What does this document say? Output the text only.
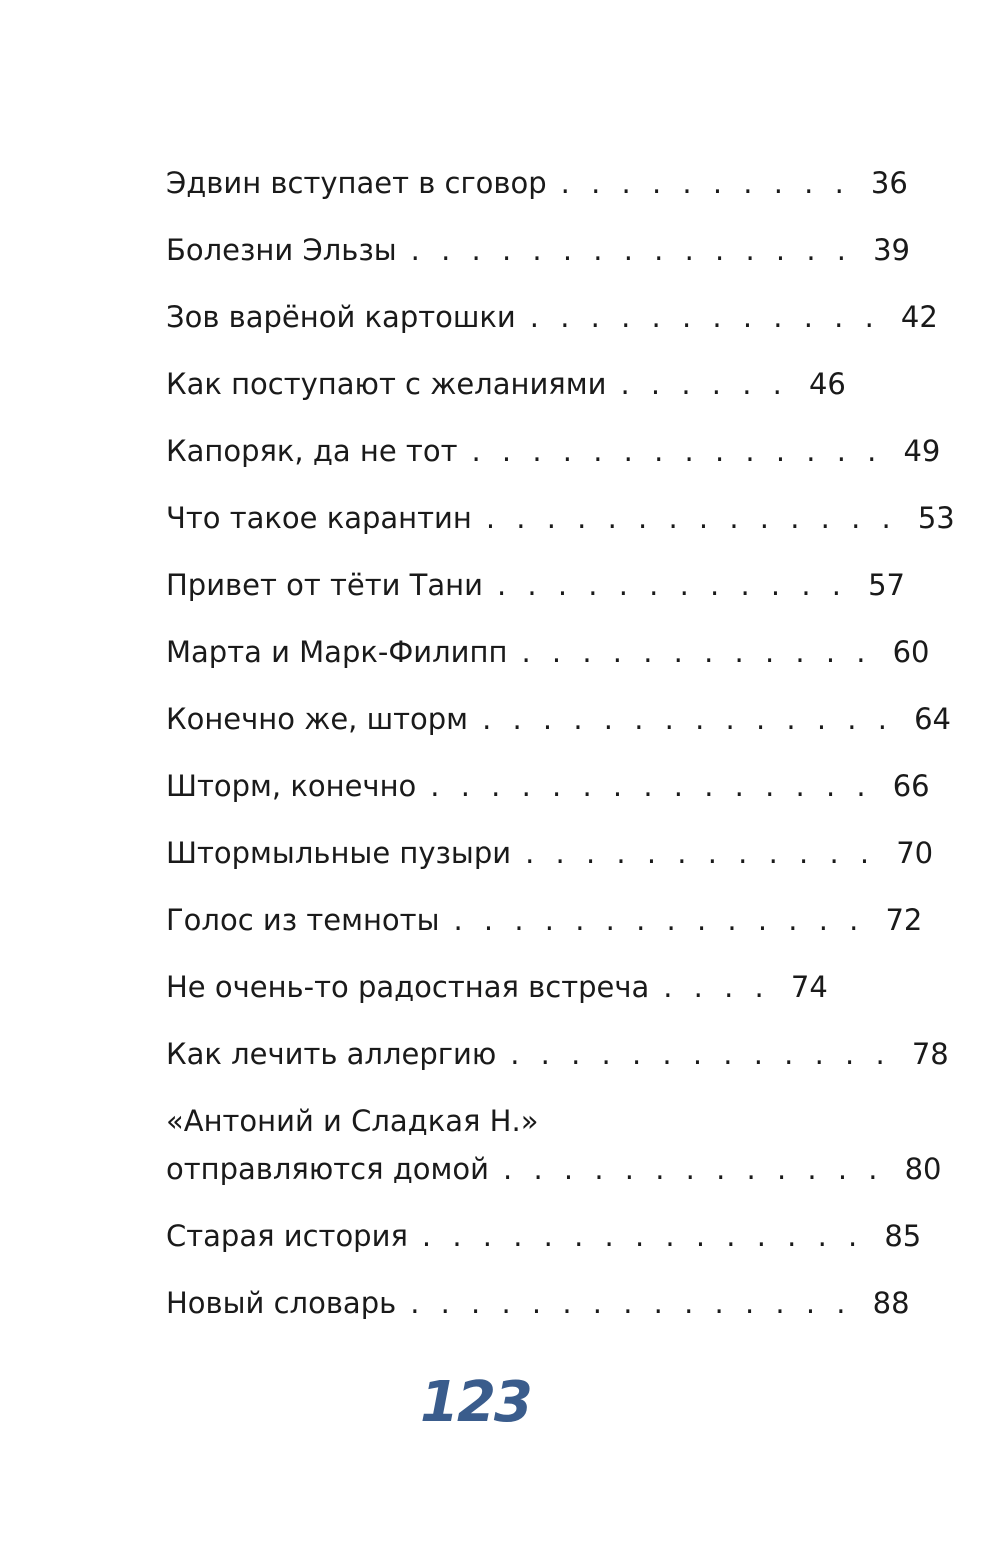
Эдвин вступает в сговор . . . . . . . . . . 36
Болезни Эльзы . . . . . . . . . . . . . . . 39
Зов варёной картошки . . . . . . . . . . . . 42
Как поступают с желаниями . . . . . . 46
Капоряк, да не тот . . . . . . . . . . . . . . 49
Что такое карантин . . . . . . . . . . . . . . 53
Привет от тёти Тани . . . . . . . . . . . . 57
Марта и Марк-Филипп . . . . . . . . . . . . 60
Конечно же, шторм . . . . . . . . . . . . . . 64
Шторм, конечно . . . . . . . . . . . . . . . 66
Штормыльные пузыри . . . . . . . . . . . . 70
Голос из темноты . . . . . . . . . . . . . . 72
Не очень-то радостная встреча . . . . 74
Как лечить аллергию . . . . . . . . . . . . . 78
«Антоний и Сладкая Н.»
отправляются домой . . . . . . . . . . . . . 80
Старая история . . . . . . . . . . . . . . . 85
Новый словарь . . . . . . . . . . . . . . . 88
123
